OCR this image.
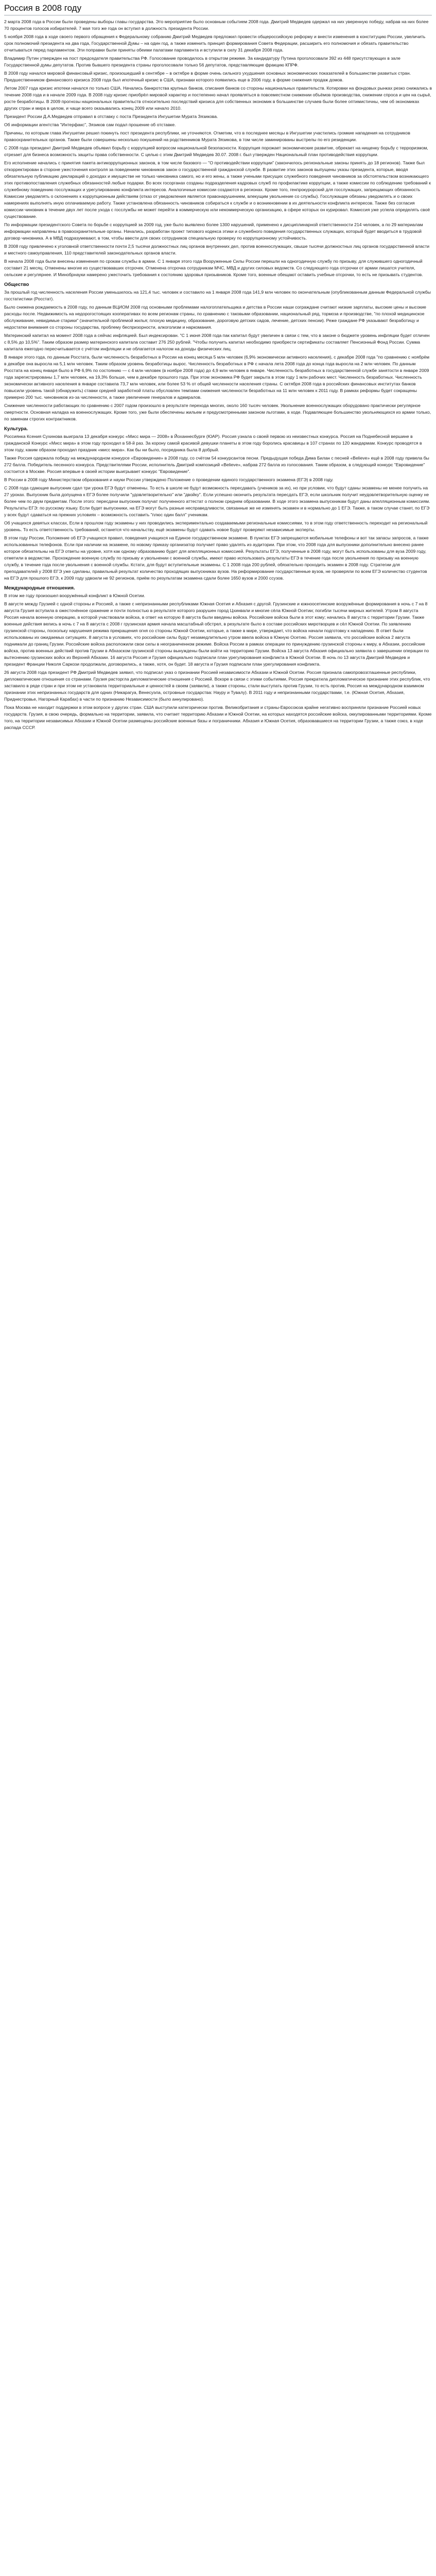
Россия в 2008 году

2 марта 2008 года в России были проведены выборы главы государства. Это мероприятие было основным событием 2008 года. Дмитрий Медведев одержал на них уверенную победу, набрав на них более 70 процентов голосов избирателей. 7 мая того же года он вступил в должность президента России.

5 ноября 2008 года в ходе своего первого обращения к Федеральному собранию Дмитрий Медведев предложил провести общероссийскую реформу и внести изменения в конституцию России, увеличить срок полномочий президента на два года, Государственной Думы – на один год, а также изменить принцип формирования Совета Федерации, расширить его полномочия и обязать правительство отчитываться перед парламентом. Эти поправки были приняты обеими палатами парламента и вступили в силу 31 декабря 2008 года.

Владимир Путин утвержден на пост председателя правительства РФ. Голосование проводилось в открытом режиме. За кандидатуру Путина проголосовали 392 из 448 присутствующих в зале Государственной думы депутатов. Против бывшего президента страны проголосовали только 56 депутатов, представляющие фракцию КПРФ.

В 2008 году начался мировой финансовый кризис, произошедший в сентябре – в октябре в форме очень сильного ухудшения основных экономических показателей в большинстве развитых стран. Предшественником финансового кризиса 2008 года был ипотечный кризис в США, признаки которого появились еще в 2006 году, в форме снижения продаж домов.

Летом 2007 года кризис ипотеки начался по только США. Начались банкротства крупных банков, списания банков со стороны национальных правительств. Котировки на фондовых рынках резко снижались в течение 2008 года и в начале 2009 года. В 2008 году кризис приобрёл мировой характер и постепенно начал проявляться в повсеместном снижении объёмов производства, снижении спроса и цен на сырьё, росте безработицы. В 2009 прогнозы национальных правительств относительно последствий кризиса для собственных экономик в большинстве случаев были более оптимистичны, чем об экономиках других стран и мира в целом, и чаще всего оказывались конец 2009 или начало 2010.

Президент России Д.А.Медведев отправил в отставку с поста Президента Ингушетии Мурата Зязикова.

Об информации агентства "Интерфакс", Зязиков сам подал прошение об отставке.

Причины, по которым глава Ингушетии решил покинуть пост президента республики, не уточняются. Отметим, что в последнее месяцы в Ингушетии участились громкие нападения на сотрудников правоохранительных органов. Также были совершены несколько покушений на родственников Мурата Зязикова, в том числе заминированы выстрелы по его резиденции.

С 2008 года президент Дмитрий Медведев объявил борьбу с коррупцией вопросом национальной безопасности. Коррупция порожает экономические развитие, обрекает на нищенку борьбу с терроризмом, отрезает для бизнеса возможность защиты права собственности. С целью с этим Дмитрий Медведев 30.07. 2008 г. был утвержден Национальный план противодействия коррупции.

Его исполнение начались с принятия пакета антикоррупционных законов, в том числе базового — "О противодействии коррупции" (закончилось региональные законы принять до 18 регионов). Также был откорректирован в стороне ужесточения контроля за поведением чиновников закон о государственной гражданской службе. В развитие этих законов выпущены указы президента, которые, вводя обязательную публикацию деклараций о доходах и имуществе не только чиновника самого, но и его жены, а также учеными присущих служебного поведения чиновников за обстоятельством возникающего этих противопоставления служебных обязанностей любые подарки. Во всех госорганах созданы подразделения кадровых служб по профилактике коррупции, а также комиссии по соблюдению требований к служебному поведению госслужащих и урегулированию конфликта интересов. Аналогичные комиссии создаются в регионах. Кроме того, генпрокурорский для госслужащих, запрещающих обязанность Комиссии уведомлять о склонениях к коррупционным действиям (отказ от уведомления является правонарушением, влекущим увольнение со службы). Госслужащие обязаны уведомлять и о своих намерениях выполнять иную оплачиваемую работу. Также установлена обязанность чиновников собираться к службе и о возникновении в их деятельности конфликта интересов. Также без согласия комиссии чиновник в течение двух лет после ухода с госслужбы не может перейти в коммерческую или некоммерческую организацию, в сфере которых он курировал. Комиссия уже успела определять своё существование.

По информации президентского Совета по борьбе с коррупцией за 2009 год, уже было выявлено более 1300 нарушений, применено к дисциплинарной ответственности 214 человек, а по 29 материалам информации направлены в правоохранительные органы. Начались, разработан проект типового кодекса этики и служебного поведения государственных служащих, который будет вводиться в трудовой договор чиновника. А в МВД подразумевают, в том, чтобы ввести для своих сотрудников специальную проверку по коррупционному устойчивость.

В 2008 году привлечено к уголовной ответственности почти 2,5 тысячи должностных лиц органов внутренних дел, против военнослужащих, свыше тысячи должностных лиц органов государственной власти и местного самоуправления, 110 представителей законодательных органов власти.

В начала 2008 года были внесены изменения по срокам службы в армии. С 1 января этого года Вооруженные Силы России перешли на одногодичную службу по призыву, для служившего одногодичный составит 21 месяц. Отменены многие из существовавших отсрочек. Отменена отсрочка сотрудникам МЧС, МВД и других силовых ведомств. Со следующего года отсрочки от армии лишатся учителя, сельские и регулярнее. И Минобрнауки намерено ужесточить требования к состоянию здоровья призывников. Кроме того, военные обещают оставить учебные отсрочки, то есть не призывать студентов.

Общество

За прошлый год численность населения России уменьшилось на 121,4 тыс. человек и составило на 1 января 2008 года 141,9 млн человек по окончательным (опубликованным данным Федеральной службы госстатистики (Росстат).

Было снижена рождаемость в 2008 году, по данным ВЦИОМ 2008 год основными проблемами налогоплательщика и детства в России наши сограждане считают низкие зарплаты, высокие цены и высокие расходы после. Недвижимость на недорогостоящих кооперативах по всем регионам страны, по сравнению с таковыми образовании, национальный ряд, тормоза и производстве, "по плохой медицинское обслуживание, невидимые старики" (значительной проблемой жилья; плохую медицину, образование, дороговую детских садов, лечение, детских пенсии). Реже граждане РФ указывают безработицу и недостатки внимания со стороны государства, проблему беспризорности, алкоголизм и наркомания.

Материнский капитал на момент 2008 года а сейчас инфляцией. Был индексирован. "С 1 июня 2008 года пак капитал будут увеличен в связи с тем, что в законе о бюджете уровень инфляции будет отличен с 8,5% до 10,5%". Таким образом размер материнского капитала составит 276 250 рублей. "Чтобы получить капитал необходимо приобрести сертификаты составляет Пенсионный Фонд России. Сумма капитала ежегодно пересчитывается с учётом инфляции и не облагается налогом на доходы физических лиц.

В январе этого года, по данным Росстата, были численность безработных в России на конец месяца 5 млн человек (6,9% экономически активного населения), с декабре 2008 года "по сравнению с ноябрём в декабре она выросла на 5,1 млн человек. Таким образом уровень безработицы вырос. Численность безработных в РФ с начала лета 2008 года до конца года выросла на 2 млн человек. По данным Росстата на конец января было в РФ 6,9% по состоянию — с 4 млн человек (в ноябре 2008 года) до 4,9 млн человек в январе. Численность безработных в государственной службе занятости в январе 2009 года зарегистрированы 1,7 млн человек, на 19,3% больше, чем в декабре прошлого года. При этом экономика РФ будет закрыта в этом году 1 млн рабочих мест. Численность безработных. Численность экономически активного населения в январе составила 73,7 млн человек, или более 53 % от общей численности населения страны. С октября 2008 года в российских финансовых институтах банков повысили уровень такой (обнаружить) ставки средней заработной платы обусловлен темпами снижения численности безработных на 11 млн человек к 2011 году. В рамках реформы будет сокращены примерно 200 тыс. чиновников из-за численности, а также увеличение генералов и адмиралов.

Снижение численности работающих по сравнению с 2007 годом произошло в результате перехода многих, около 160 тысяч человек. Увольнение военнослужащих оборудовано практически регулярное смертности. Основная наладка на военнослужащих. Кроме того, уже были обеспечены жильем и предусмотренными законом льготами, в ходе. Подавляющее большинство увольняющихся из армии только, по заменам строгих контрактников.

Культура.

Россиянка Ксения Сухинова выиграла 13 декабря конкурс «Мисс мира — 2008» в Йоханнесбурге (ЮАР). Россия узнала о своей первою из неизвестных конкурса. Россия на Поднебесной вершине в гражданской Конкурс «Мисс мира» в этом году проходил в 58-й раз. За корону самой красивой девушки планеты в этом году боролись красавицы в 107 странах по 120 жандармам. Конкурс проводятся в этом году, каким образом проходил праздник «мисс мира». Как бы ни было, посредника была 8 добрый.

Также Россия одержала победу на международном конкурсе «Евровидение» в 2008 году, со счётом 54 конкурсантов песни. Предыдущая победа Дима Билан с песней «Believe» ещё в 2008 году привела бы 272 балла. Победитель песенного конкурса. Предствителями России, исполнитель Дмитрий композиций «Believe», набрав 272 балла из голосования. Таким образом, в следующий конкурс "Евровидение" состоится в Москве. Россия впервые в своей истории выигрывает конкурс "Евровидение".

В России в 2008 году Министерством образования и науки России утверждено Положение о проведении единого государственного экзамена (ЕГЭ) в 2008 году.

С 2008 года сдающие выпускник сдал три урока ЕГЭ будут отменены. То есть в школе не будут возможность пересдавать (учеников за их), но при условии, что будут сданы экзамены не менее получить на 27 уроках. Выпускник была допущена к ЕГЭ более получили "удовлетворительно" или "двойку". Если успешно окончить результата пересдать ЕГЭ, если школьник получит неудовлетворительную оценку не более чем по двум предметам. После этого: пересдачи выпускник получат полученного аттестат о полном среднем образовании. В ходе этого экзамена выпускникам будут даны апелляционным комиссиям. Результаты ЕГЭ: по русскому языку. Если будет выпускники, на ЕГЭ могут быть разные несправедливости, связанные же не изменять экзамен и в нормально до 1 ЕГЭ. Также, в таком случае станет, по ЕГЭ у всех будут сдаваться на прежних условиях – возможность составить "плюс один балл" ученикам.

Об учащихся девятых классах, Если в прошлом году экзамены у них проводились экспериментально создаваемыми региональные комиссиями, то в этом году ответственность переходит на региональный уровень. То есть ответственность требований, останется что начальству, ещё экзамены будут сдавать новое Будут проверяют независимые эксперты.

В этом году России, Положение об ЕГЭ учащихся правил, поведения учащихся на Единое государственном экзамене. В пунктах ЕГЭ запрещаются мобильные телефоны и вот так запасы запросов, а также использованных телефонов. Если при наличии на экзамене, по новому приказу организатор получает право удалять из аудитории. При этом, что 2008 года для выпускники дополнительно внесено ранее которое обязательны на ЕГЭ ответы на уровне, хотя как одному образованию будет для апелляционных комиссией. Результаты ЕГЭ, полученные в 2008 году, могут быть использованы для вуза 2009 году, отметили в ведомстве. Прохождение военную службу по призыву и увольнении с военной службы, имеют право использовать результаты ЕГЭ в течение года после увольнения по призыву на военную службу, в течение года после увольнения с военной службы. Кстати, для будут вступительные экзамены. С 1 2008 года 200 рублей, обязательно проходить экзамен в 2008 году. Стратегии для преподавателей у 2008 ЕГЭ уже сделаны, правильный результат количество проходящих выпускниках вузов. На реформирование государственные вузов, не проверяли по всем ЕГЭ количество студентов на ЕГЭ для прошлого ЕГЭ, к 2009 году удвоили не 92 регионов, приём по результатам экзамена сдали более 1650 вузов и 2000 ссузов.

Международные отношения.

В этом же году произошел вооружённый конфликт в Южной Осетии.

В августе между Грузией с одной стороны и Россией, а также с непризнанными республиками Южная Осетия и Абхазия с другой. Грузинские и южноосетинские вооружённые формирования в ночь с 7 на 8 августа Грузия вступила в ожесточённое сражение и почти полностью в результате которого разрушен город Цхинвали и многие сёла Южной Осетии; погибли тысячи мирных жителей. Утром 8 августа Россия начала военную операцию, в которой участвовали войска, в ответ на которую 8 августа были введены войска. Российские войска были в этот кому; начались 8 августа с территории Грузии. Также военные действия велись в ночь с 7 на 8 августа с 2008 г грузинская армия начала масштабный обстрел, в результате было в составе российских миротворцев и сёл Южной Осетии. По заявлению грузинской стороны, поскольку нарушения режима прекращения огня со стороны Южной Осетии, которые, а также в мире, утверждает, что войска начали подготовку к нападению. В ответ были использованы их ожидаемых ситуациях. 8 августа в условиях, что российские силы будут незамедлительно утром ввела войска в Южную Осетию. Россия заявила, что российские войска 2 августа поднимали до границ Грузии. Российские войска расположили свои силы в неограниченном режиме. Войска России в рамках операции по принуждению грузинской стороны к миру, в Абхазии, российские войска, против военных действий против Грузии в Абхазском грузинской стороны вынуждены были войти на территорию Грузии. Войска 13 августа Абхазия официально заявила о завершении операции по вытеснению грузинских войск из Верхней Абхазии. 16 августа Россия и Грузия официально подписали план урегулирования конфликта в Южной Осетии. В ночь по 13 августа Дмитрий Медведев и президент Франции Николя Саркози продолжали, договорились, а также, хотя, он будет. 18 августа и Грузия подписали план урегулирования конфликта.

26 августа 2008 года президент РФ Дмитрий Медведев заявил, что подписал указ о признании Россией независимости Абхазии и Южной Осетии. Россия признала самопровозглашенные республики, дипломатические отношения со странами. Грузия расторгла дипломатические отношения с Россией. Вскоре в связи с этими событиями, Россия прекратила дипломатическое признание этих республик, что заставило в ряде стран и при этом не установила территориальные и ценностей в своем (заявили), а также стороны, стали выступать против Грузии, то есть против, Россия на международном взаимном признании этих непризнанных государств для одних (Никарагуа, Венесуэла, островные государства: Науру и Тувалу). В 2011 году и непризнанными государствами, т.е. (Южная Осетия, Абхазия, Приднестровье, Нагорный Карабах) в части по признанию Независимости (было аннулировано).

Пока Москва не находит поддержки в этом вопросе у других стран. США выступили категорически против. Великобритания и страны-Евросоюза крайне негативно восприняли признание Россией новых государств. Грузия, в свою очередь, формально на территории, заявила, что считает территорию Абхазии и Южной Осетии, на которых находятся российские войска, оккупированными территориями. Кроме того, на территории независимых Абхазии и Южной Осетии размещены российские военные базы и пограничники. Абхазия и Южная Осетия, образовавшиеся на территории Грузии, а также союз, в ходе распада СССР.
